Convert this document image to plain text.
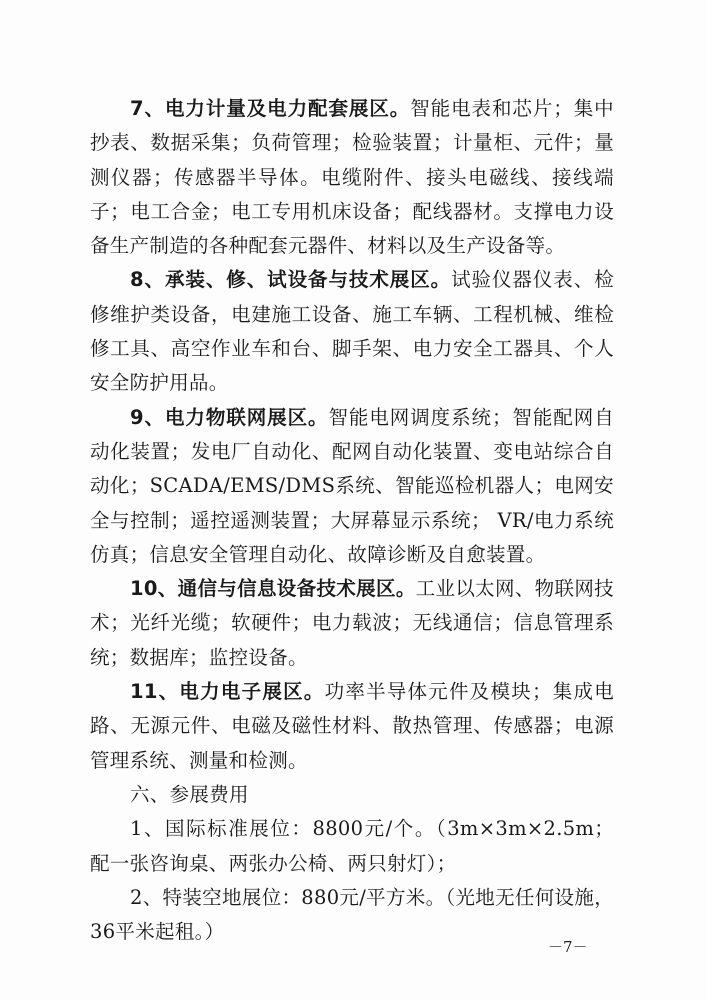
7、电力计量及电力配套展区。智能电表和芯片；集中抄表、数据采集；负荷管理；检验装置；计量柜、元件；量测仪器；传感器半导体。电缆附件、接头电磁线、接线端子；电工合金；电工专用机床设备；配线器材。支撑电力设备生产制造的各种配套元器件、材料以及生产设备等。

8、承装、修、试设备与技术展区。试验仪器仪表、检修维护类设备，电建施工设备、施工车辆、工程机械、维检修工具、高空作业车和台、脚手架、电力安全工器具、个人安全防护用品。

9、电力物联网展区。智能电网调度系统；智能配网自动化装置；发电厂自动化、配网自动化装置、变电站综合自动化；SCADA/EMS/DMS系统、智能巡检机器人；电网安全与控制；遥控遥测装置；大屏幕显示系统； VR/电力系统仿真；信息安全管理自动化、故障诊断及自愈装置。

10、通信与信息设备技术展区。工业以太网、物联网技术；光纤光缆；软硬件；电力载波；无线通信；信息管理系统；数据库；监控设备。

11、电力电子展区。功率半导体元件及模块；集成电路、无源元件、电磁及磁性材料、散热管理、传感器；电源管理系统、测量和检测。

六、参展费用

1、国际标准展位：8800元/个。（3m×3m×2.5m；配一张咨询桌、两张办公椅、两只射灯）；

2、特装空地展位：880元/平方米。（光地无任何设施，36平米起租。）

－7－
